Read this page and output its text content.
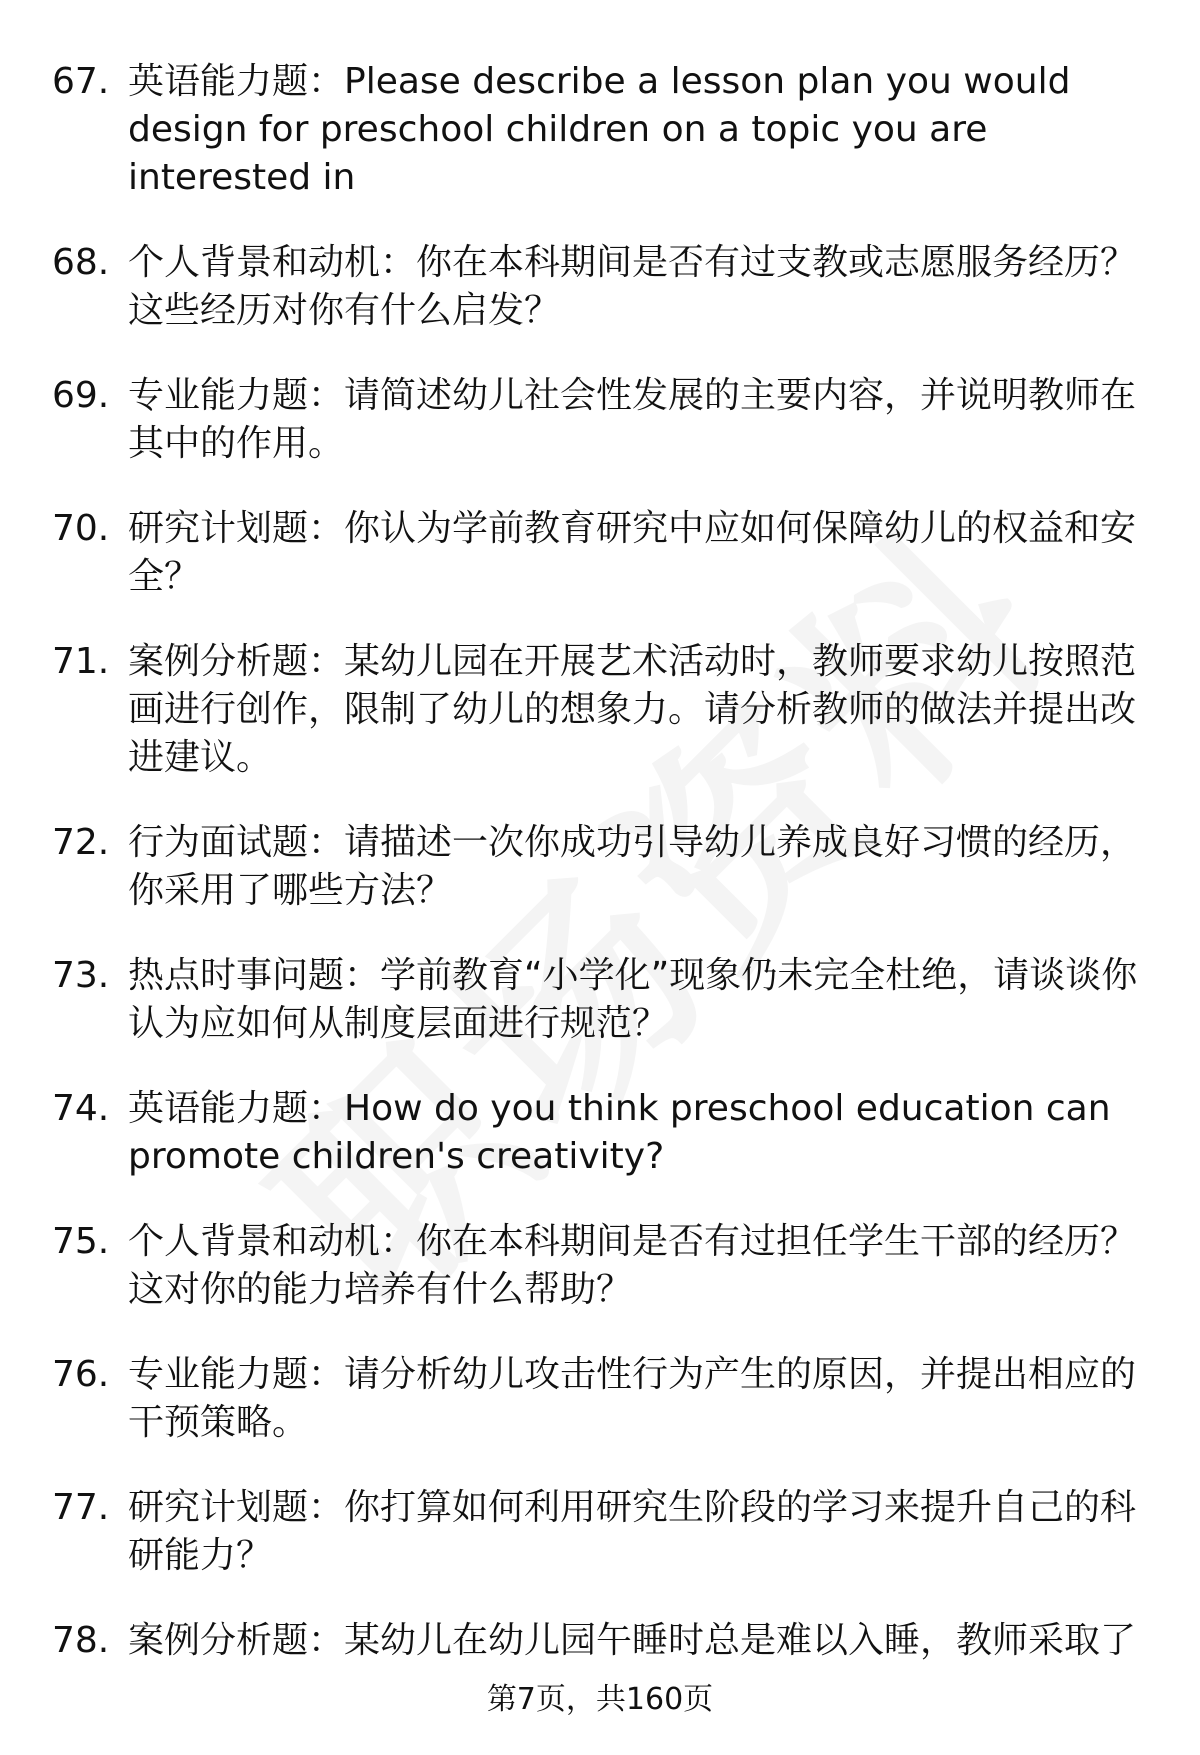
67. 英语能力题：Please describe a lesson plan you would design for preschool children on a topic you are interested in
68. 个人背景和动机：你在本科期间是否有过支教或志愿服务经历？这些经历对你有什么启发？
69. 专业能力题：请简述幼儿社会性发展的主要内容，并说明教师在其中的作用。
70. 研究计划题：你认为学前教育研究中应如何保障幼儿的权益和安全？
71. 案例分析题：某幼儿园在开展艺术活动时，教师要求幼儿按照范画进行创作，限制了幼儿的想象力。请分析教师的做法并提出改进建议。
72. 行为面试题：请描述一次你成功引导幼儿养成良好习惯的经历，你采用了哪些方法？
73. 热点时事问题：学前教育“小学化”现象仍未完全杜绝，请谈谈你认为应如何从制度层面进行规范？
74. 英语能力题：How do you think preschool education can promote children's creativity?
75. 个人背景和动机：你在本科期间是否有过担任学生干部的经历？这对你的能力培养有什么帮助？
76. 专业能力题：请分析幼儿攻击性行为产生的原因，并提出相应的干预策略。
77. 研究计划题：你打算如何利用研究生阶段的学习来提升自己的科研能力？
78. 案例分析题：某幼儿在幼儿园午睡时总是难以入睡，教师采取了
第7页，共160页
